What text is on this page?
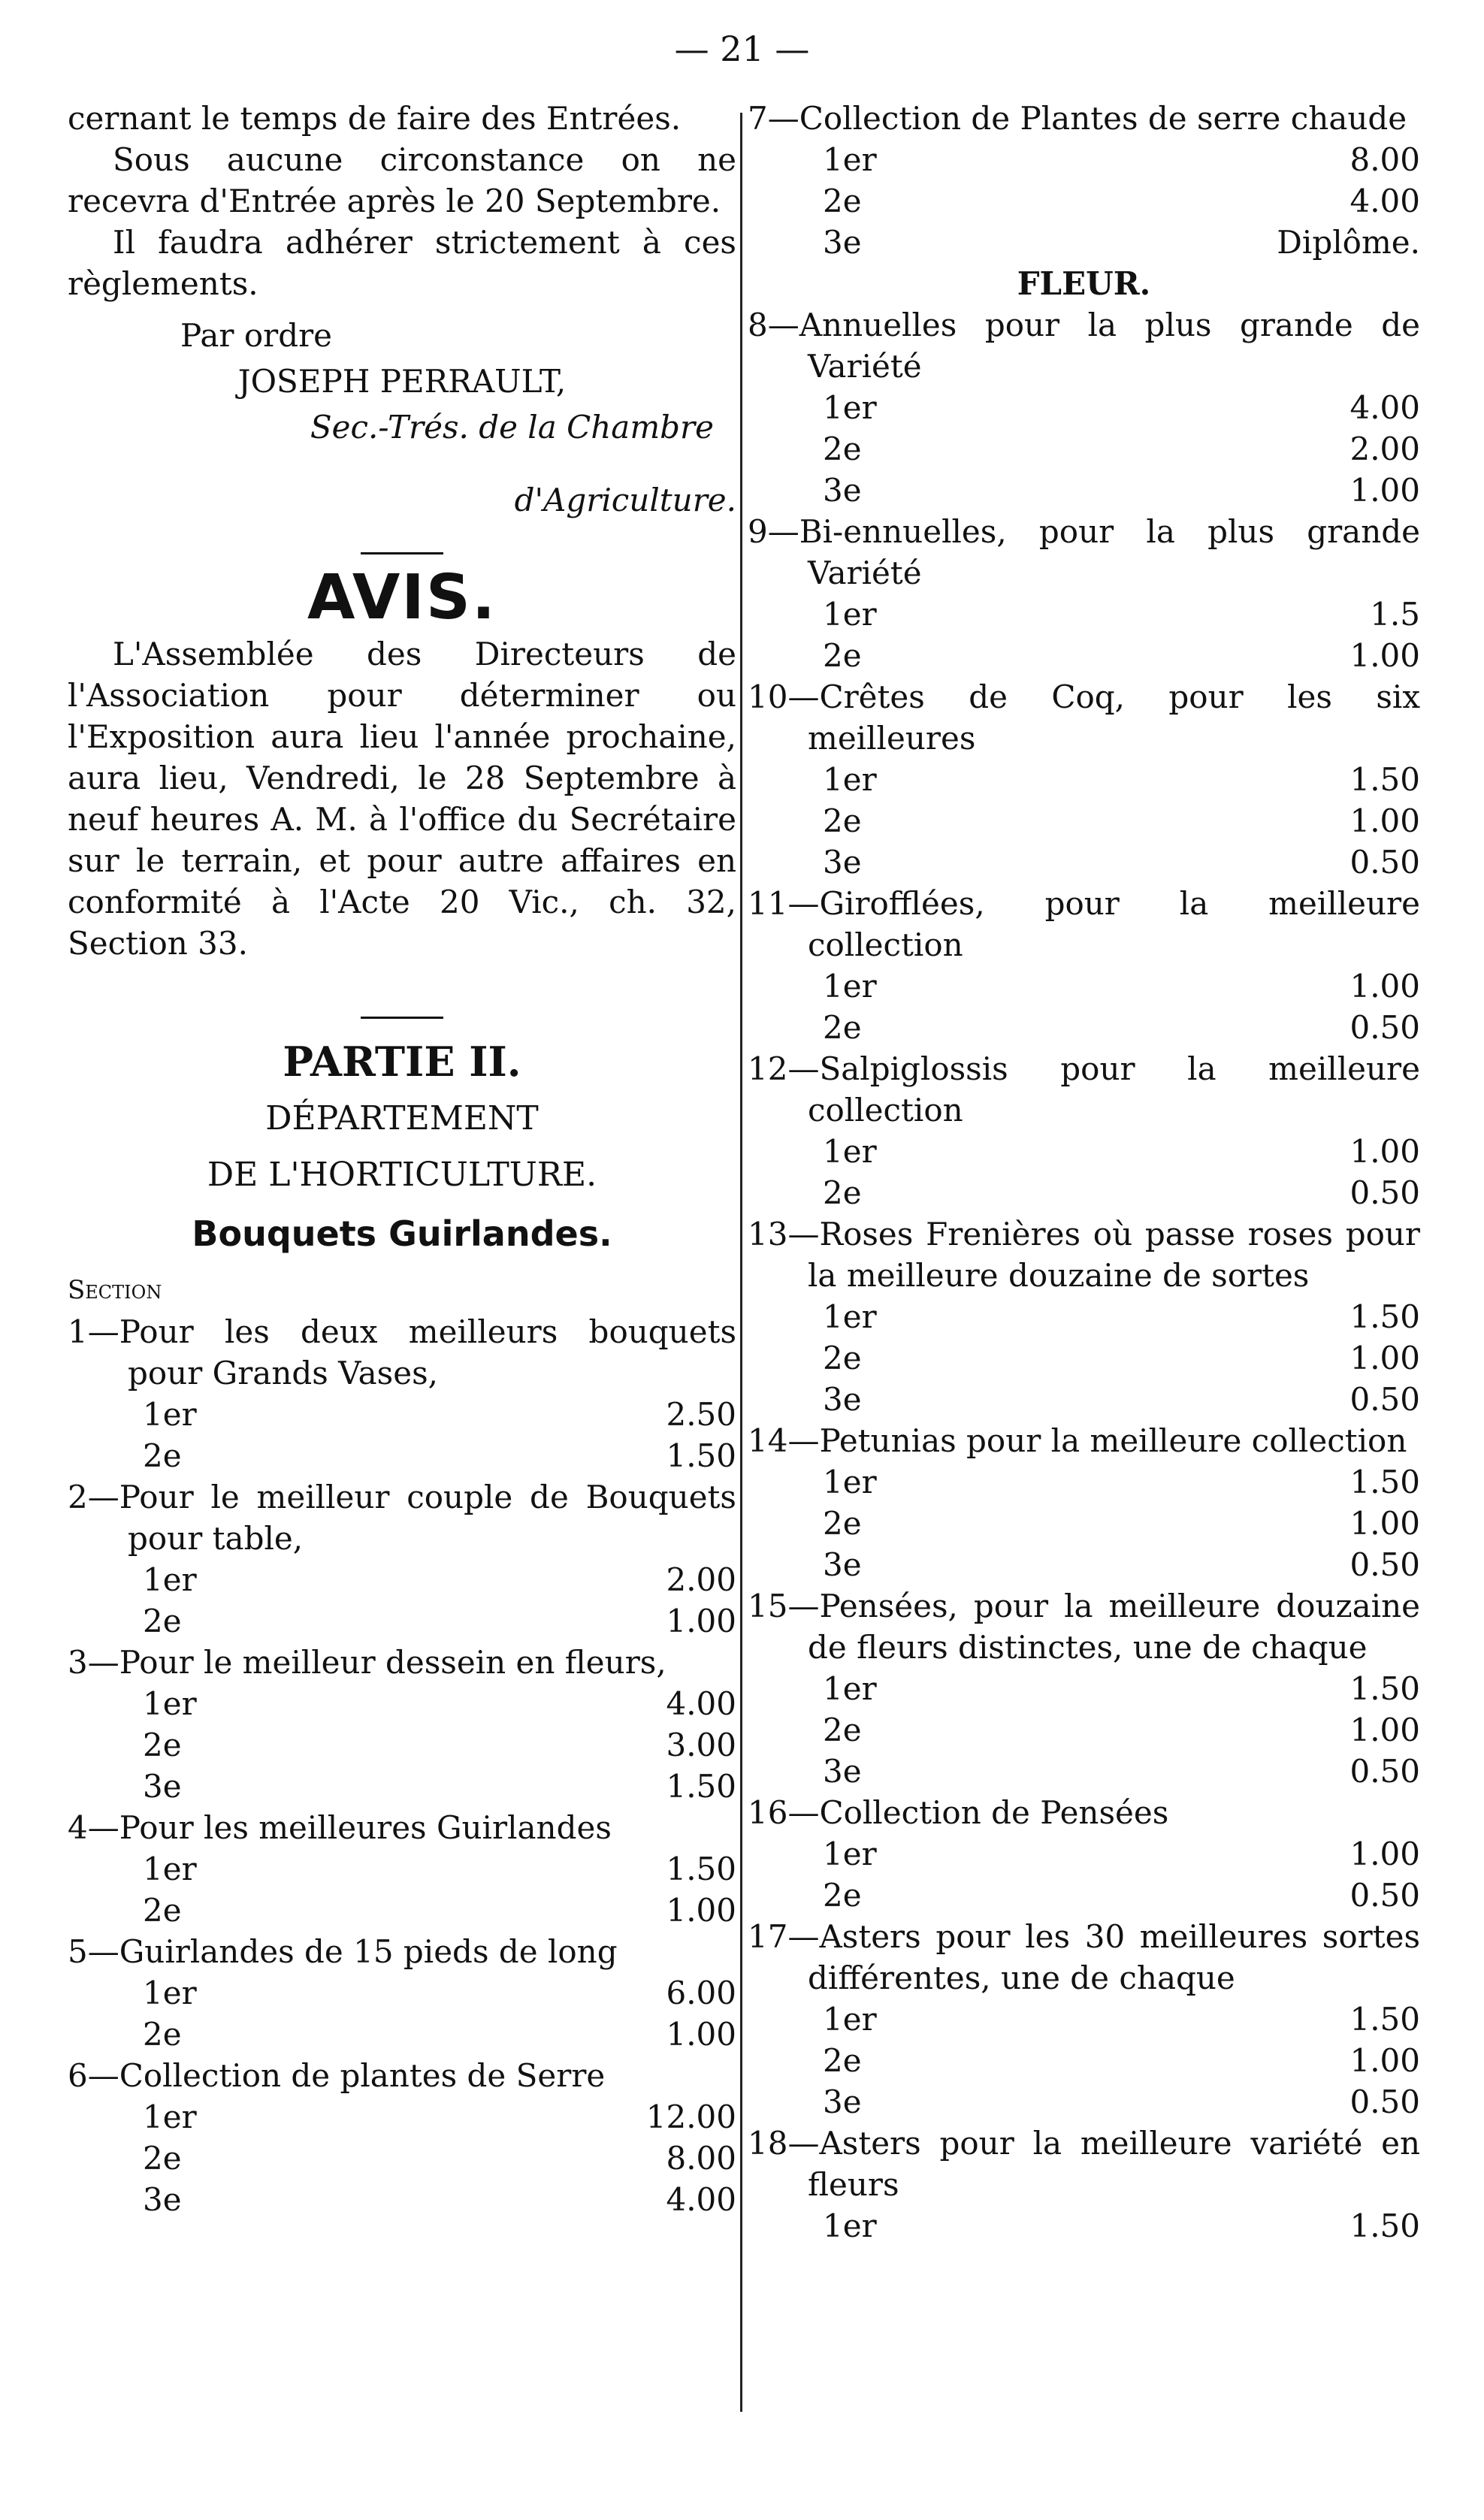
— 21 —

cernant le temps de faire des Entrées.

Sous aucune circonstance on ne recevra d'Entrée après le 20 Septembre.

Il faudra adhérer strictement à ces règlements.

Par ordre

JOSEPH PERRAULT,

Sec.-Trés. de la Chambre

d'Agriculture.

AVIS.

L'Assemblée des Directeurs de l'Association pour déterminer ou l'Exposition aura lieu l'année prochaine, aura lieu, Vendredi, le 28 Septembre à neuf heures A. M. à l'office du Secrétaire sur le terrain, et pour autre affaires en conformité à l'Acte 20 Vic., ch. 32, Section 33.

PARTIE II.
DÉPARTEMENT
DE L'HORTICULTURE.
Bouquets Guirlandes.

Section

1—Pour les deux meilleurs bouquets pour Grands Vases,

1er	2.50
2e	1.50

2—Pour le meilleur couple de Bouquets pour table,

1er	2.00
2e	1.00

3—Pour le meilleur dessein en fleurs,

1er	4.00
2e	3.00
3e	1.50

4—Pour les meilleures Guirlandes

1er	1.50
2e	1.00

5—Guirlandes de 15 pieds de long

1er	6.00
2e	1.00

6—Collection de plantes de Serre

1er	12.00
2e	8.00
3e	4.00

7—Collection de Plantes de serre chaude

1er	8.00
2e	4.00
3e	Diplôme.

FLEUR.

8—Annuelles pour la plus grande de Variété

1er	4.00
2e	2.00
3e	1.00

9—Bi-ennuelles, pour la plus grande Variété

1er	1.5
2e	1.00

10—Crêtes de Coq, pour les six meilleures

1er	1.50
2e	1.00
3e	0.50

11—Girofflées, pour la meilleure collection

1er	1.00
2e	0.50

12—Salpiglossis pour la meilleure collection

1er	1.00
2e	0.50

13—Roses Frenières où passe roses pour la meilleure douzaine de sortes

1er	1.50
2e	1.00
3e	0.50

14—Petunias pour la meilleure collection

1er	1.50
2e	1.00
3e	0.50

15—Pensées, pour la meilleure douzaine de fleurs distinctes, une de chaque

1er	1.50
2e	1.00
3e	0.50

16—Collection de Pensées

1er	1.00
2e	0.50

17—Asters pour les 30 meilleures sortes différentes, une de chaque

1er	1.50
2e	1.00
3e	0.50

18—Asters pour la meilleure variété en fleurs

1er	1.50
